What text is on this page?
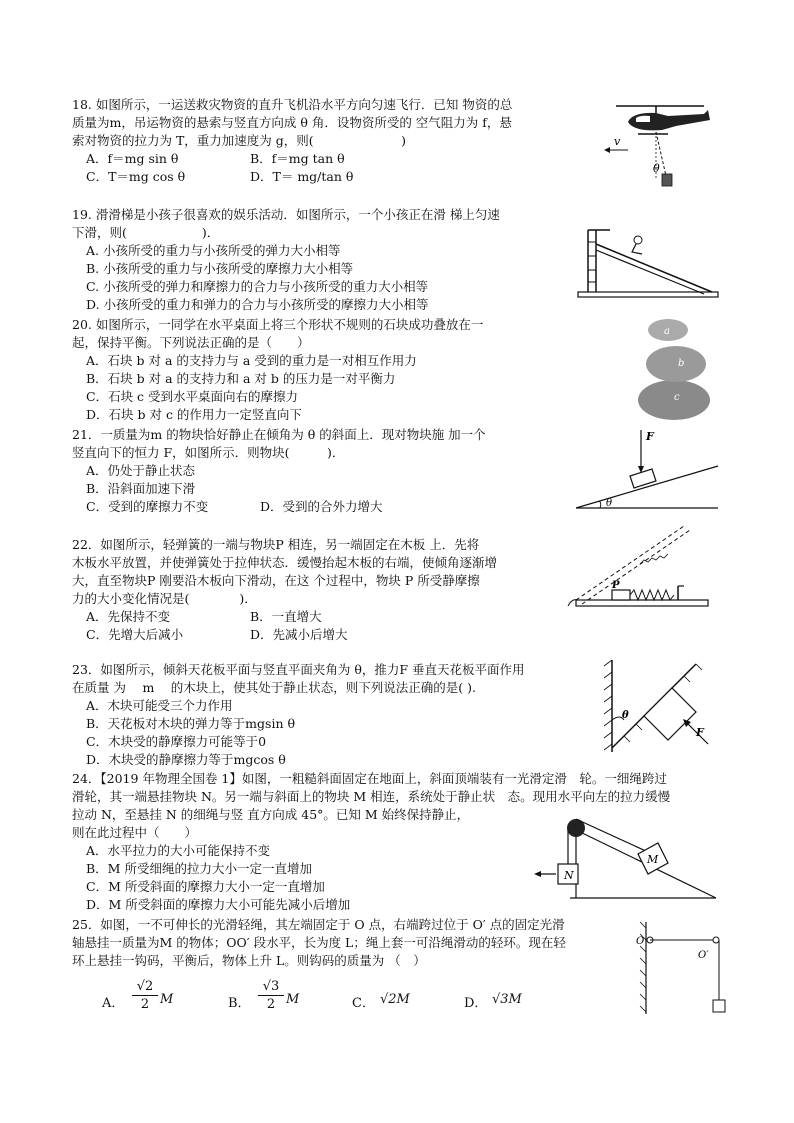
18. 如图所示，一运送救灾物资的直升飞机沿水平方向匀速飞行．已知 物资的总

质量为m，吊运物资的悬索与竖直方向成 θ 角．设物资所受的 空气阻力为 f，悬

索对物资的拉力为 T，重力加速度为 g，则(　　　　　　　)

A．f＝mg sin θ	B．f＝mg tan θ

C．T＝mg cos θ	D．T＝ mg/tan θ

v
θ

19. 滑滑梯是小孩子很喜欢的娱乐活动．如图所示，一个小孩正在滑 梯上匀速

下滑，则(　　　　　　)．

A. 小孩所受的重力与小孩所受的弹力大小相等

B. 小孩所受的重力与小孩所受的摩擦力大小相等

C. 小孩所受的弹力和摩擦力的合力与小孩所受的重力大小相等

D. 小孩所受的重力和弹力的合力与小孩所受的摩擦力大小相等

20. 如图所示，一同学在水平桌面上将三个形状不规则的石块成功叠放在一

起，保持平衡。下列说法正确的是（　　）

A．石块 b 对 a 的支持力与 a 受到的重力是一对相互作用力

B．石块 b 对 a 的支持力和 a 对 b 的压力是一对平衡力

C．石块 c 受到水平桌面向右的摩擦力

D．石块 b 对 c 的作用力一定竖直向下

a
b
c

21．一质量为m 的物块恰好静止在倾角为 θ 的斜面上．现对物块施 加一个

竖直向下的恒力 F，如图所示．则物块(　　　)．

A．仍处于静止状态

B．沿斜面加速下滑

C．受到的摩擦力不变	D．受到的合外力增大

F
θ

22．如图所示，轻弹簧的一端与物块P 相连，另一端固定在木板 上．先将

木板水平放置，并使弹簧处于拉伸状态．缓慢抬起木板的右端，使倾角逐渐增

大，直至物块P 刚要沿木板向下滑动，在这 个过程中，物块 P 所受静摩擦

力的大小变化情况是(　　　　)．

A．先保持不变	B．一直增大

C．先增大后减小	D．先减小后增大

P

23．如图所示，倾斜天花板平面与竖直平面夹角为 θ，推力F 垂直天花板平面作用

在质量 为 　m　 的木块上，使其处于静止状态，则下列说法正确的是( ).

A．木块可能受三个力作用

B．天花板对木块的弹力等于mgsin θ

C．木块受的静摩擦力可能等于0

D．木块受的静摩擦力等于mgcos θ

θ
F

24．【2019 年物理全国卷 1】如图，一粗糙斜面固定在地面上，斜面顶端装有一光滑定滑　轮。一细绳跨过

滑轮，其一端悬挂物块 N。另一端与斜面上的物块 M 相连，系统处于静止状　态。现用水平向左的拉力缓慢

拉动 N，至悬挂 N 的细绳与竖 直方向成 45°。已知 M 始终保持静止，

则在此过程中（　　）

A．水平拉力的大小可能保持不变

B．M 所受细绳的拉力大小一定一直增加

C．M 所受斜面的摩擦力大小一定一直增加

D．M 所受斜面的摩擦力大小可能先减小后增加

M
N

25．如图，一不可伸长的光滑轻绳，其左端固定于 O 点，右端跨过位于 O′ 点的固定光滑

轴悬挂一质量为M 的物体；OO′ 段水平，长为度 L；绳上套一可沿绳滑动的轻环。现在轻

环上悬挂一钩码，平衡后，物体上升 L。则钩码的质量为 （　）

A． $\frac{√2}{2}$ M	B． $\frac{√3}{2}$ M	C． √2M	D． √3M
O
O′
